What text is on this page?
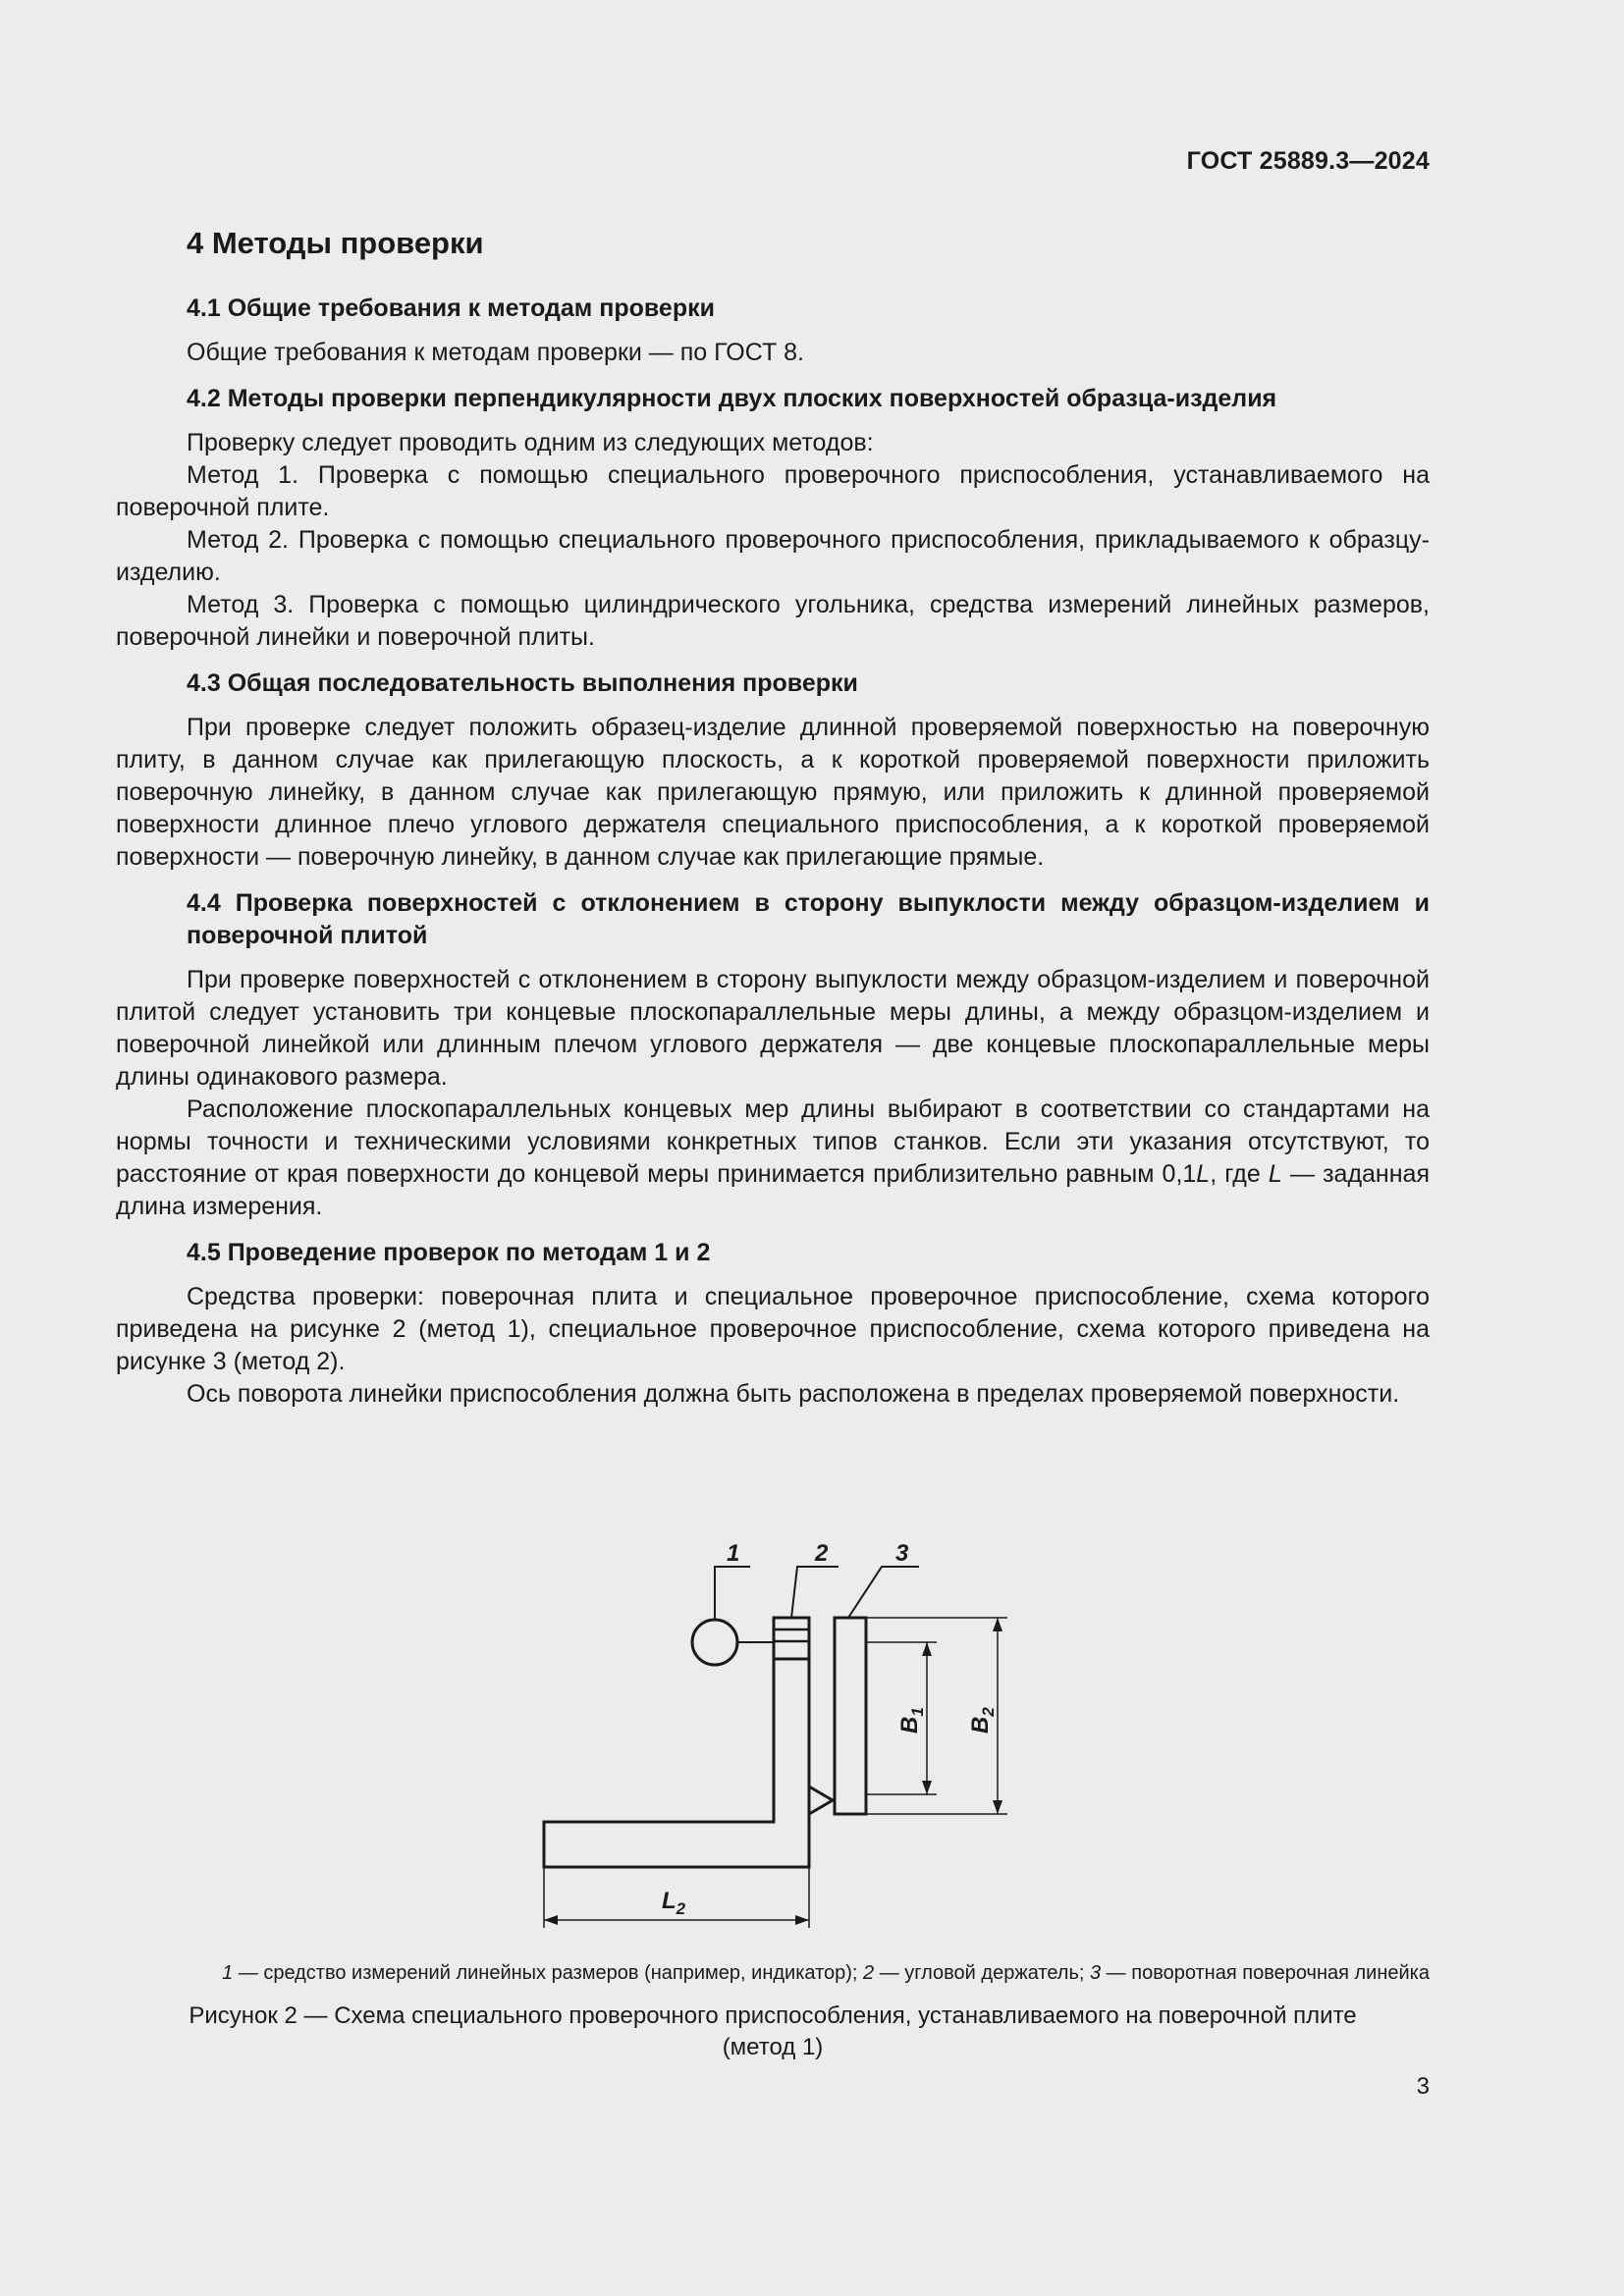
ГОСТ 25889.3—2024
4 Методы проверки
4.1 Общие требования к методам проверки

Общие требования к методам проверки — по ГОСТ 8.

4.2 Методы проверки перпендикулярности двух плоских поверхностей образца-изделия

Проверку следует проводить одним из следующих методов:

Метод 1. Проверка с помощью специального проверочного приспособления, устанавливаемого на поверочной плите.

Метод 2. Проверка с помощью специального проверочного приспособления, прикладываемого к образцу-изделию.

Метод 3. Проверка с помощью цилиндрического угольника, средства измерений линейных размеров, поверочной линейки и поверочной плиты.

4.3 Общая последовательность выполнения проверки

При проверке следует положить образец-изделие длинной проверяемой поверхностью на поверочную плиту, в данном случае как прилегающую плоскость, а к короткой проверяемой поверхности приложить поверочную линейку, в данном случае как прилегающую прямую, или приложить к длинной проверяемой поверхности длинное плечо углового держателя специального приспособления, а к короткой проверяемой поверхности — поверочную линейку, в данном случае как прилегающие прямые.

4.4 Проверка поверхностей с отклонением в сторону выпуклости между образцом-изделием и поверочной плитой

При проверке поверхностей с отклонением в сторону выпуклости между образцом-изделием и поверочной плитой следует установить три концевые плоскопараллельные меры длины, а между образцом-изделием и поверочной линейкой или длинным плечом углового держателя — две концевые плоскопараллельные меры длины одинакового размера.

Расположение плоскопараллельных концевых мер длины выбирают в соответствии со стандартами на нормы точности и техническими условиями конкретных типов станков. Если эти указания отсутствуют, то расстояние от края поверхности до концевой меры принимается приблизительно равным 0,1L, где L — заданная длина измерения.

4.5 Проведение проверок по методам 1 и 2

Средства проверки: поверочная плита и специальное проверочное приспособление, схема которого приведена на рисунке 2 (метод 1), специальное проверочное приспособление, схема которого приведена на рисунке 3 (метод 2).

Ось поворота линейки приспособления должна быть расположена в пределах проверяемой поверхности.

1	2	3
$B_1$
$B_2$
$L_2$
1 — средство измерений линейных размеров (например, индикатор); 2 — угловой держатель; 3 — поворотная поверочная линейка
Рисунок 2 — Схема специального проверочного приспособления, устанавливаемого на поверочной плите
(метод 1)
3
